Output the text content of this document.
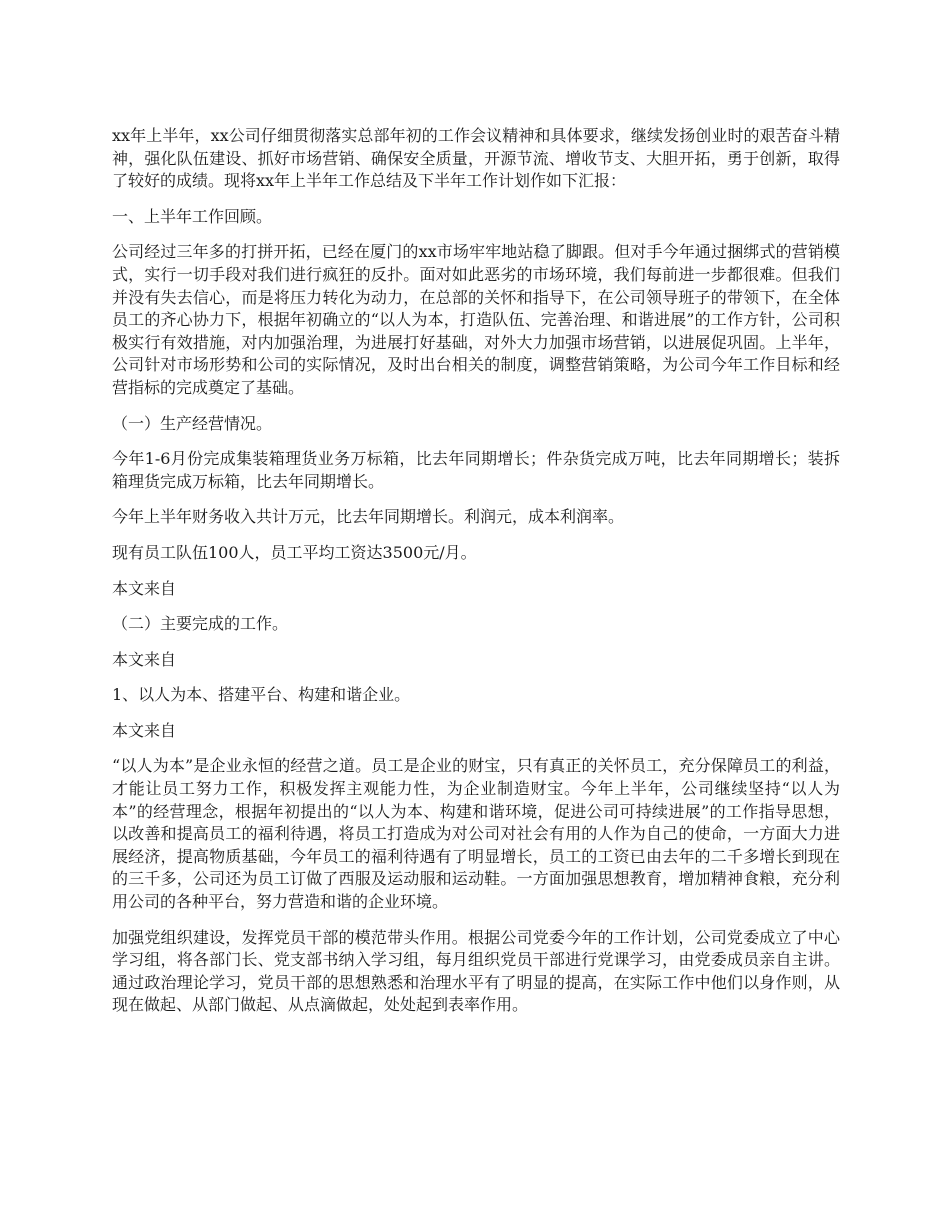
xx年上半年，xx公司仔细贯彻落实总部年初的工作会议精神和具体要求，继续发扬创业时的艰苦奋斗精神，强化队伍建设、抓好市场营销、确保安全质量，开源节流、增收节支、大胆开拓，勇于创新，取得了较好的成绩。现将xx年上半年工作总结及下半年工作计划作如下汇报：

一、上半年工作回顾。

公司经过三年多的打拼开拓，已经在厦门的xx市场牢牢地站稳了脚跟。但对手今年通过捆绑式的营销模式，实行一切手段对我们进行疯狂的反扑。面对如此恶劣的市场环境，我们每前进一步都很难。但我们并没有失去信心，而是将压力转化为动力，在总部的关怀和指导下，在公司领导班子的带领下，在全体员工的齐心协力下，根据年初确立的“以人为本，打造队伍、完善治理、和谐进展”的工作方针，公司积极实行有效措施，对内加强治理，为进展打好基础，对外大力加强市场营销，以进展促巩固。上半年，公司针对市场形势和公司的实际情况，及时出台相关的制度，调整营销策略，为公司今年工作目标和经营指标的完成奠定了基础。

（一）生产经营情况。

今年1-6月份完成集装箱理货业务万标箱，比去年同期增长；件杂货完成万吨，比去年同期增长；装拆箱理货完成万标箱，比去年同期增长。

今年上半年财务收入共计万元，比去年同期增长。利润元，成本利润率。

现有员工队伍100人，员工平均工资达3500元/月。

本文来自

（二）主要完成的工作。

本文来自

1、以人为本、搭建平台、构建和谐企业。

本文来自

“以人为本”是企业永恒的经营之道。员工是企业的财宝，只有真正的关怀员工，充分保障员工的利益，才能让员工努力工作，积极发挥主观能力性，为企业制造财宝。今年上半年，公司继续坚持“以人为本”的经营理念，根据年初提出的“以人为本、构建和谐环境，促进公司可持续进展”的工作指导思想，以改善和提高员工的福利待遇，将员工打造成为对公司对社会有用的人作为自己的使命，一方面大力进展经济，提高物质基础，今年员工的福利待遇有了明显增长，员工的工资已由去年的二千多增长到现在的三千多，公司还为员工订做了西服及运动服和运动鞋。一方面加强思想教育，增加精神食粮，充分利用公司的各种平台，努力营造和谐的企业环境。

加强党组织建设，发挥党员干部的模范带头作用。根据公司党委今年的工作计划，公司党委成立了中心学习组，将各部门长、党支部书纳入学习组，每月组织党员干部进行党课学习，由党委成员亲自主讲。通过政治理论学习，党员干部的思想熟悉和治理水平有了明显的提高，在实际工作中他们以身作则，从现在做起、从部门做起、从点滴做起，处处起到表率作用。
